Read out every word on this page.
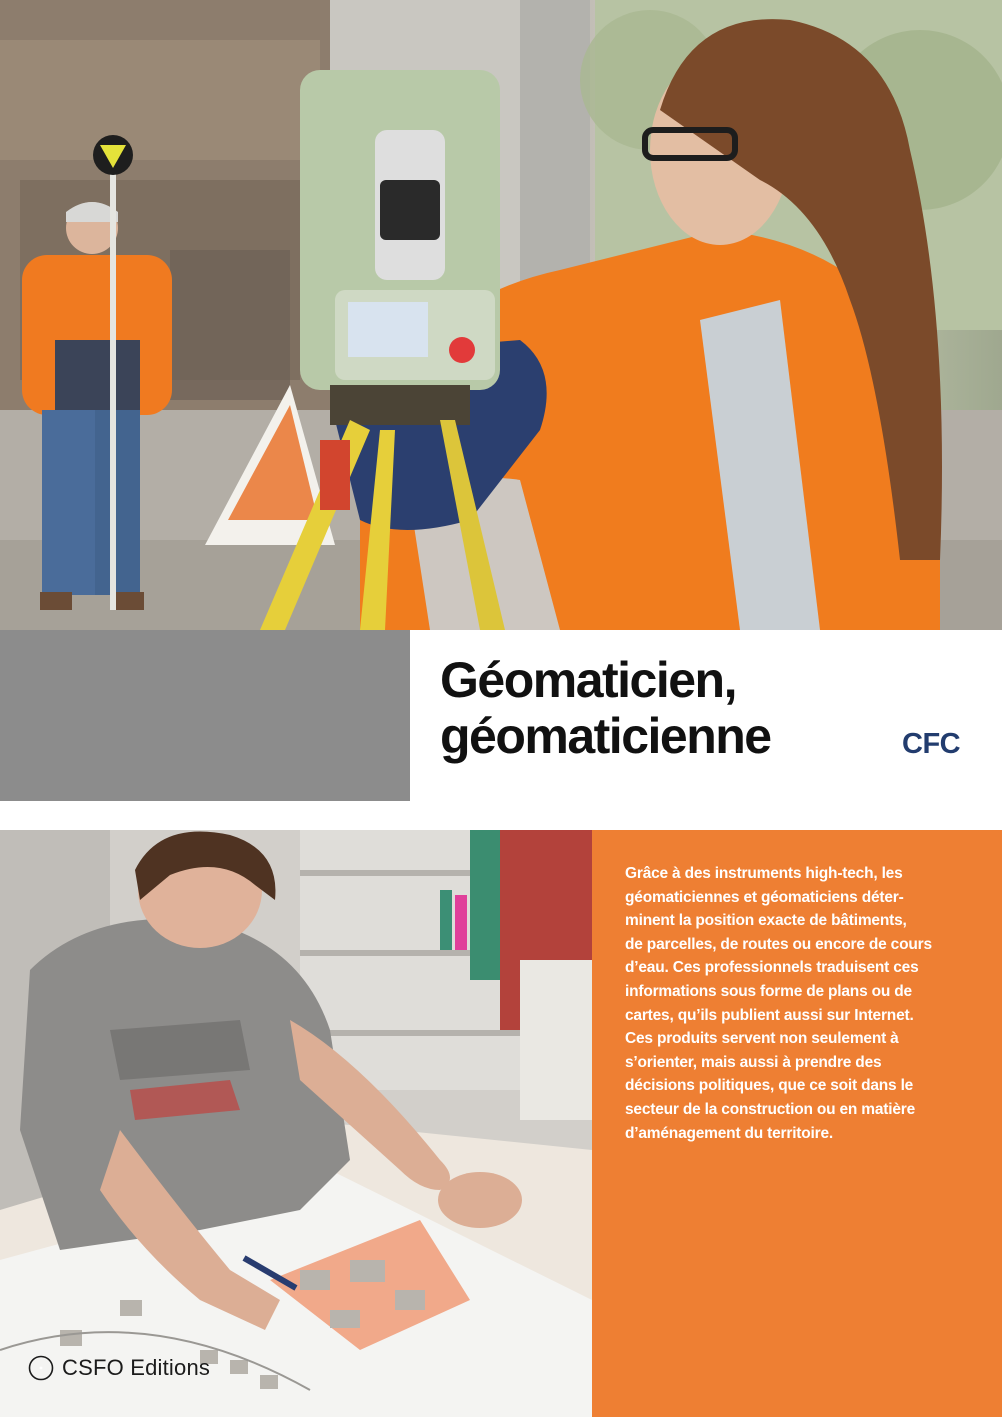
Géomaticien,
géomaticienne	CFC

Grâce à des instruments high-tech, les
géomaticiennes et géomaticiens déter-
minent la position exacte de bâtiments,
de parcelles, de routes ou encore de cours
d’eau. Ces professionnels traduisent ces
informations sous forme de plans ou de
cartes, qu’ils publient aussi sur Internet.
Ces produits servent non seulement à
s’orienter, mais aussi à prendre des
décisions politiques, que ce soit dans le
secteur de la construction ou en matière
d’aménagement du territoire.

CSFO Editions
